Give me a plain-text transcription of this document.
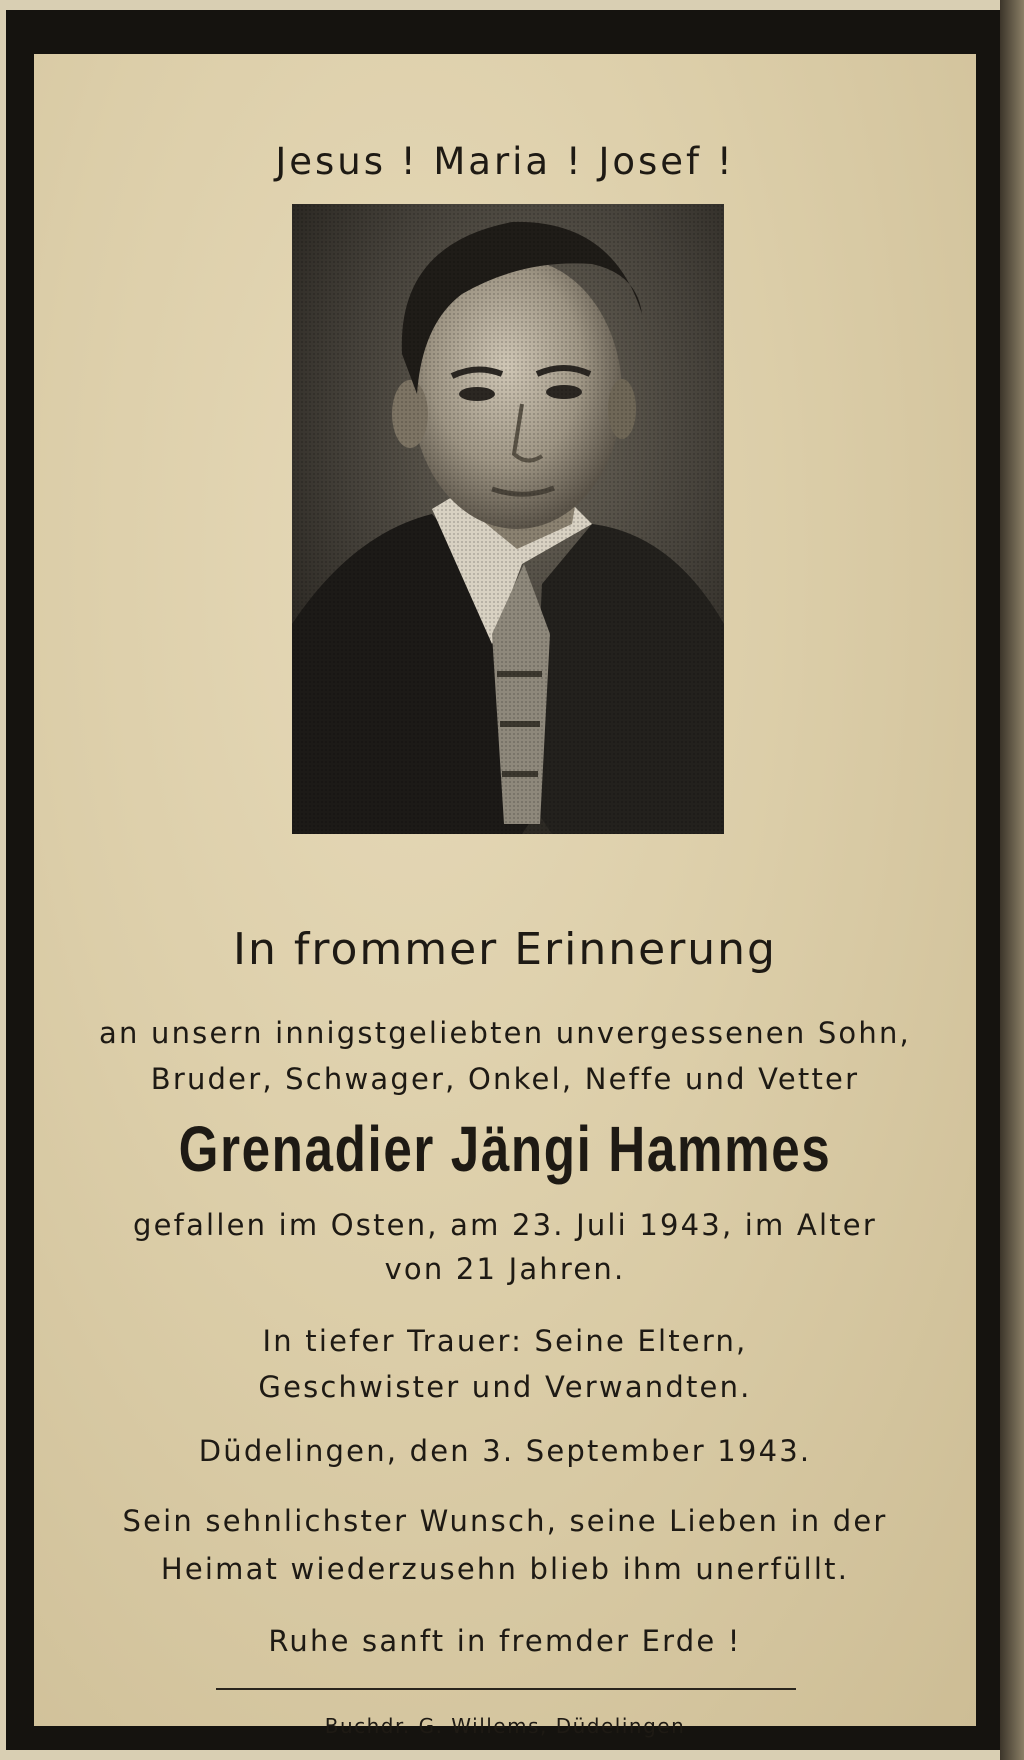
Jesus ! Maria ! Josef !
In frommer Erinnerung
an unsern innigstgeliebten unvergessenen Sohn,
Bruder, Schwager, Onkel, Neffe und Vetter
Grenadier Jängi Hammes
gefallen im Osten, am 23. Juli 1943, im Alter
von 21 Jahren.
In tiefer Trauer: Seine Eltern,
Geschwister und Verwandten.
Düdelingen, den 3. September 1943.
Sein sehnlichster Wunsch, seine Lieben in der
Heimat wiederzusehn blieb ihm unerfüllt.
Ruhe sanft in fremder Erde !
Buchdr. G. Willems, Düdelingen
